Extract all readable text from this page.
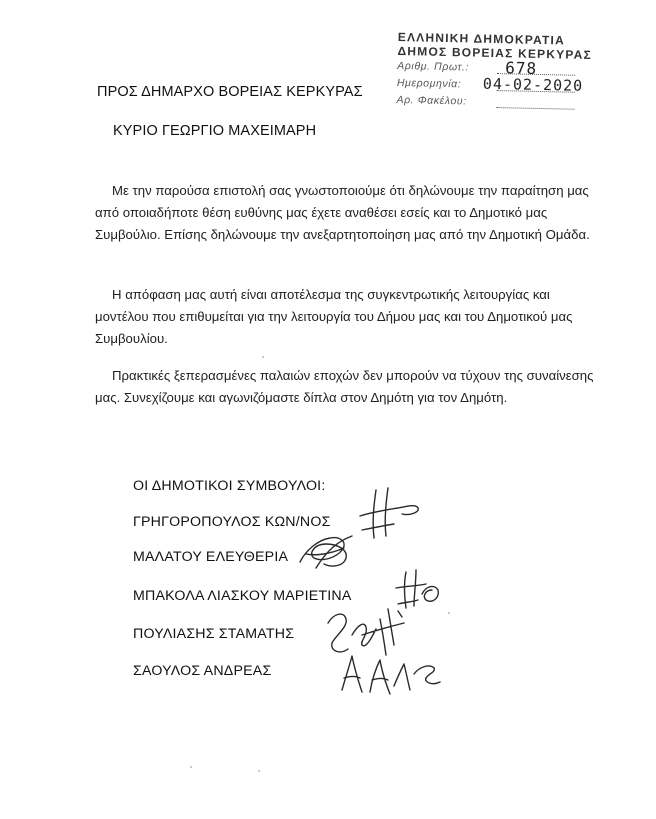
ΕΛΛΗΝΙΚΗ ΔΗΜΟΚΡΑΤΙΑ
ΔΗΜΟΣ ΒΟΡΕΙΑΣ ΚΕΡΚΥΡΑΣ
Αριθμ. Πρωτ.: 678
Ημερομηνία: 04-02-2020
Αρ. Φακέλου:
ΠΡΟΣ ΔΗΜΑΡΧΟ ΒΟΡΕΙΑΣ ΚΕΡΚΥΡΑΣ
ΚΥΡΙΟ ΓΕΩΡΓΙΟ ΜΑΧΕΙΜΑΡΗ

Με την παρούσα επιστολή σας γνωστοποιούμε ότι δηλώνουμε την παραίτηση μας από οποιαδήποτε θέση ευθύνης μας έχετε αναθέσει εσείς και το Δημοτικό μας Συμβούλιο. Επίσης δηλώνουμε την ανεξαρτητοποίηση μας από την Δημοτική Ομάδα.

Η απόφαση μας αυτή είναι αποτέλεσμα της συγκεντρωτικής λειτουργίας και μοντέλου που επιθυμείται για την λειτουργία του Δήμου μας και του Δημοτικού μας Συμβουλίου.

Πρακτικές ξεπερασμένες παλαιών εποχών δεν μπορούν να τύχουν της συναίνεσης μας. Συνεχίζουμε και αγωνιζόμαστε δίπλα στον Δημότη για τον Δημότη.

ΟΙ ΔΗΜΟΤΙΚΟΙ ΣΥΜΒΟΥΛΟΙ:
ΓΡΗΓΟΡΟΠΟΥΛΟΣ ΚΩΝ/ΝΟΣ
ΜΑΛΑΤΟΥ ΕΛΕΥΘΕΡΙΑ
ΜΠΑΚΟΛΑ ΛΙΑΣΚΟΥ ΜΑΡΙΕΤΙΝΑ
ΠΟΥΛΙΑΣΗΣ ΣΤΑΜΑΤΗΣ
ΣΑΟΥΛΟΣ ΑΝΔΡΕΑΣ
